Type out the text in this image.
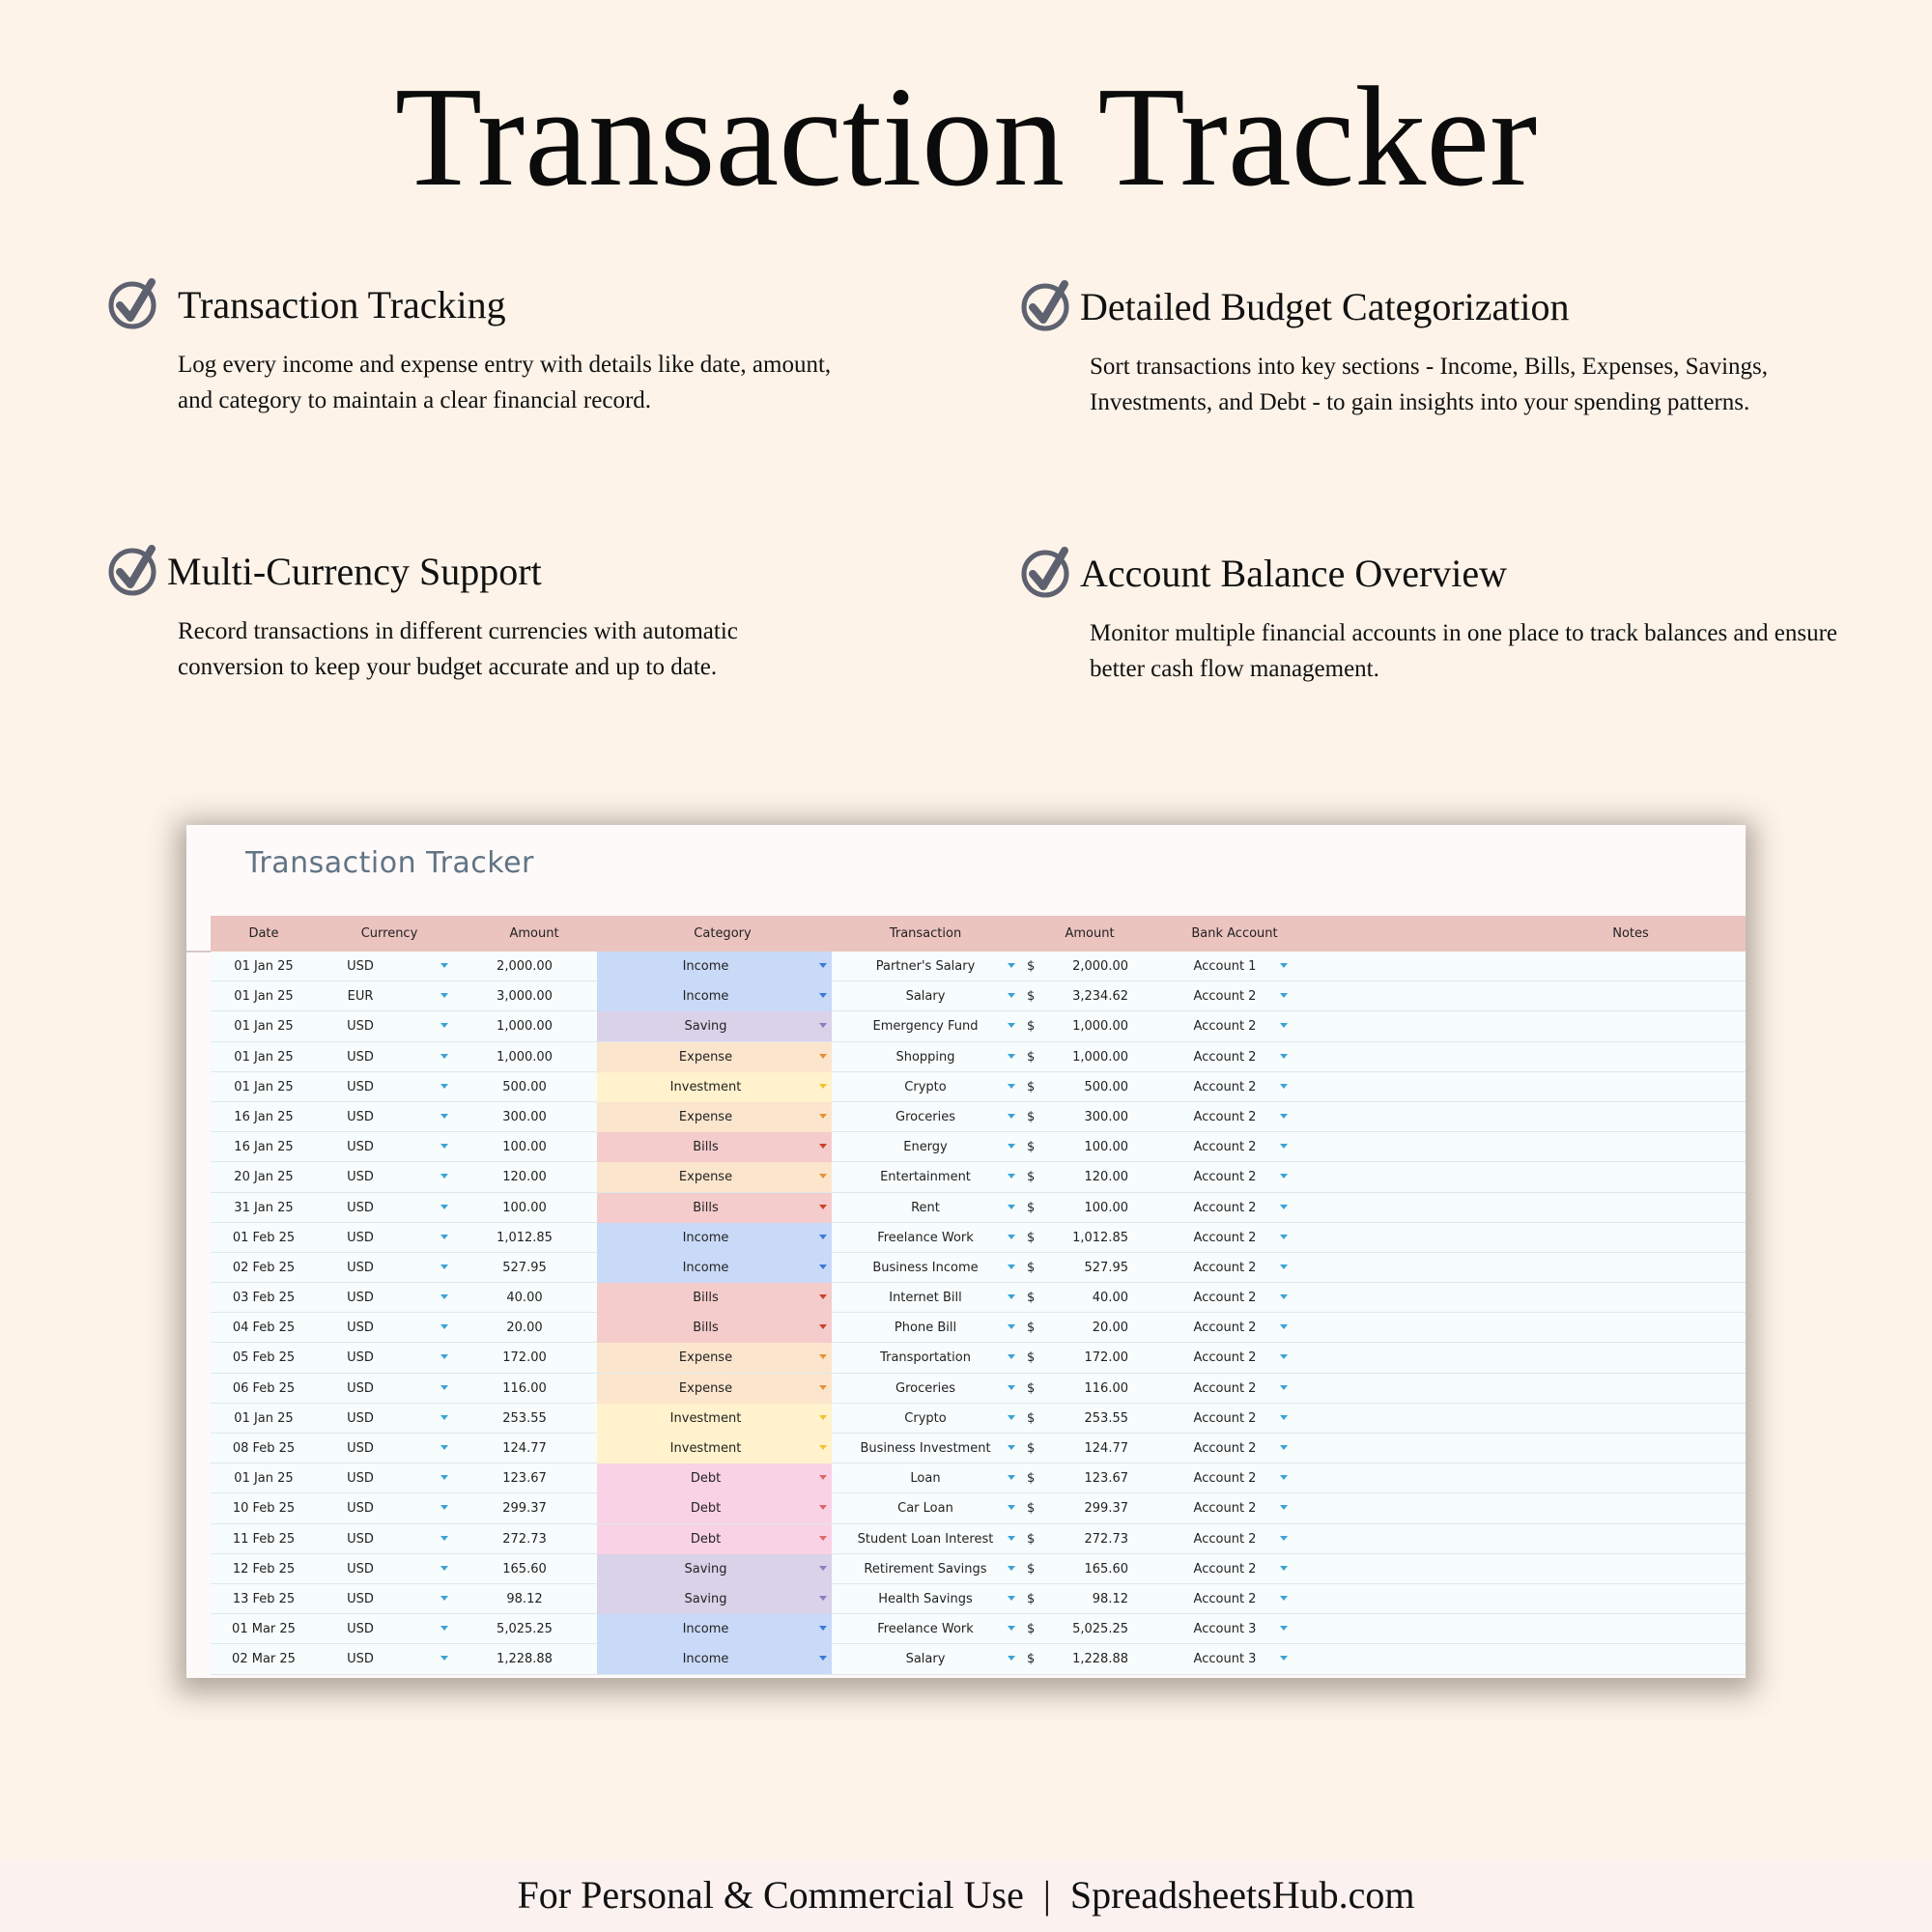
Transaction Tracker
Transaction Tracking
Log every income and expense entry with details like date, amount, and category to maintain a clear financial record.
Detailed Budget Categorization
Sort transactions into key sections - Income, Bills, Expenses, Savings, Investments, and Debt - to gain insights into your spending patterns.
Multi-Currency Support
Record transactions in different currencies with automatic conversion to keep your budget accurate and up to date.
Account Balance Overview
Monitor multiple financial accounts in one place to track balances and ensure better cash flow management.
Transaction Tracker
Date	Currency	Amount	Category	Transaction	Amount	Bank Account	Notes
01 Jan 25	USD	2,000.00	Income	Partner's Salary	$	2,000.00	Account 1
01 Jan 25	EUR	3,000.00	Income	Salary	$	3,234.62	Account 2
01 Jan 25	USD	1,000.00	Saving	Emergency Fund	$	1,000.00	Account 2
01 Jan 25	USD	1,000.00	Expense	Shopping	$	1,000.00	Account 2
01 Jan 25	USD	500.00	Investment	Crypto	$	500.00	Account 2
16 Jan 25	USD	300.00	Expense	Groceries	$	300.00	Account 2
16 Jan 25	USD	100.00	Bills	Energy	$	100.00	Account 2
20 Jan 25	USD	120.00	Expense	Entertainment	$	120.00	Account 2
31 Jan 25	USD	100.00	Bills	Rent	$	100.00	Account 2
01 Feb 25	USD	1,012.85	Income	Freelance Work	$	1,012.85	Account 2
02 Feb 25	USD	527.95	Income	Business Income	$	527.95	Account 2
03 Feb 25	USD	40.00	Bills	Internet Bill	$	40.00	Account 2
04 Feb 25	USD	20.00	Bills	Phone Bill	$	20.00	Account 2
05 Feb 25	USD	172.00	Expense	Transportation	$	172.00	Account 2
06 Feb 25	USD	116.00	Expense	Groceries	$	116.00	Account 2
01 Jan 25	USD	253.55	Investment	Crypto	$	253.55	Account 2
08 Feb 25	USD	124.77	Investment	Business Investment	$	124.77	Account 2
01 Jan 25	USD	123.67	Debt	Loan	$	123.67	Account 2
10 Feb 25	USD	299.37	Debt	Car Loan	$	299.37	Account 2
11 Feb 25	USD	272.73	Debt	Student Loan Interest	$	272.73	Account 2
12 Feb 25	USD	165.60	Saving	Retirement Savings	$	165.60	Account 2
13 Feb 25	USD	98.12	Saving	Health Savings	$	98.12	Account 2
01 Mar 25	USD	5,025.25	Income	Freelance Work	$	5,025.25	Account 3
02 Mar 25	USD	1,228.88	Income	Salary	$	1,228.88	Account 3
For Personal & Commercial Use  |  SpreadsheetsHub.com
